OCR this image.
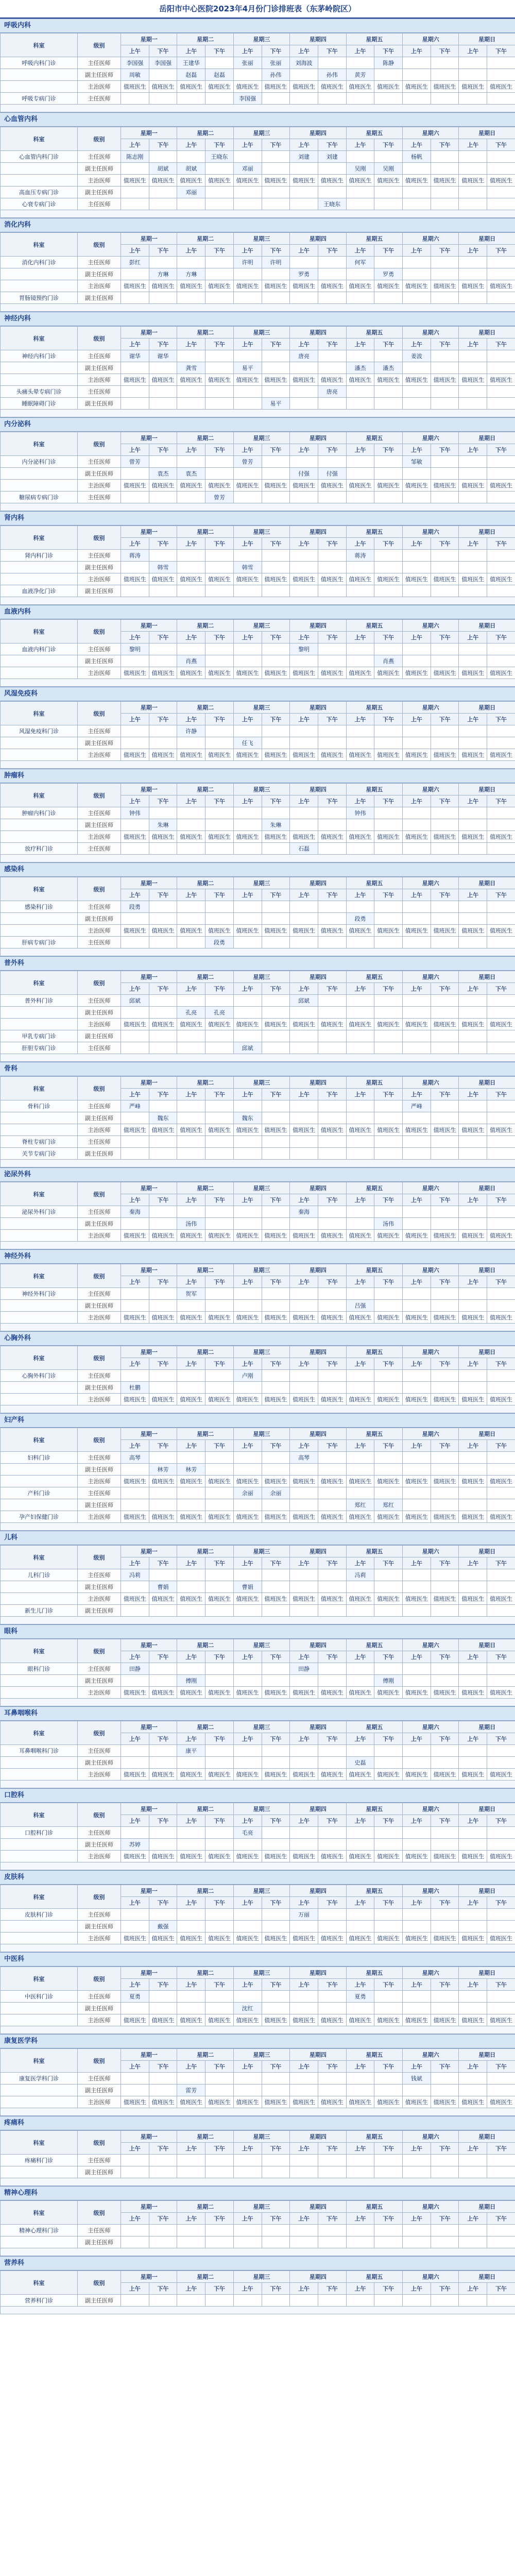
岳阳市中心医院2023年4月份门诊排班表（东茅岭院区）
呼吸内科
科室	级别	星期一		星期二		星期三		星期四		星期五		星期六		星期日	
		上午	下午	上午	下午	上午	下午	上午	下午	上午	下午	上午	下午	上午	下午
呼吸内科门诊	主任医师	李国强	李国强	王建华		张丽	张丽	刘海波			陈静				
	副主任医师	周敏		赵磊	赵磊		孙伟		孙伟	黄芳					
	主治医师	值班医生	值班医生	值班医生	值班医生	值班医生	值班医生	值班医生	值班医生	值班医生	值班医生	值班医生	值班医生	值班医生	值班医生
呼吸专病门诊	主任医师					李国强									

心血管内科
科室	级别	星期一		星期二		星期三		星期四		星期五		星期六		星期日	
		上午	下午	上午	下午	上午	下午	上午	下午	上午	下午	上午	下午	上午	下午
心血管内科门诊	主任医师	陈志刚			王晓东			刘建	刘建			杨帆			
	副主任医师		胡斌	胡斌		邓丽				吴刚	吴刚				
	主治医师	值班医生	值班医生	值班医生	值班医生	值班医生	值班医生	值班医生	值班医生	值班医生	值班医生	值班医生	值班医生	值班医生	值班医生
高血压专病门诊	副主任医师			邓丽											
心衰专病门诊	主任医师								王晓东						

消化内科
科室	级别	星期一		星期二		星期三		星期四		星期五		星期六		星期日	
		上午	下午	上午	下午	上午	下午	上午	下午	上午	下午	上午	下午	上午	下午
消化内科门诊	主任医师	彭红				许明	许明			何军					
	副主任医师		方琳	方琳				罗勇			罗勇				
	主治医师	值班医生	值班医生	值班医生	值班医生	值班医生	值班医生	值班医生	值班医生	值班医生	值班医生	值班医生	值班医生	值班医生	值班医生
胃肠镜预约门诊	副主任医师														

神经内科
科室	级别	星期一		星期二		星期三		星期四		星期五		星期六		星期日	
		上午	下午	上午	下午	上午	下午	上午	下午	上午	下午	上午	下午	上午	下午
神经内科门诊	主任医师	谢华	谢华					唐亮				姜波			
	副主任医师			龚雪		易平				潘杰	潘杰				
	主治医师	值班医生	值班医生	值班医生	值班医生	值班医生	值班医生	值班医生	值班医生	值班医生	值班医生	值班医生	值班医生	值班医生	值班医生
头痛头晕专病门诊	主任医师								唐亮						
睡眠障碍门诊	副主任医师						易平								

内分泌科
科室	级别	星期一		星期二		星期三		星期四		星期五		星期六		星期日	
		上午	下午	上午	下午	上午	下午	上午	下午	上午	下午	上午	下午	上午	下午
内分泌科门诊	主任医师	曾芳				曾芳						邹敏			
	副主任医师		袁杰	袁杰				付强	付强						
	主治医师	值班医生	值班医生	值班医生	值班医生	值班医生	值班医生	值班医生	值班医生	值班医生	值班医生	值班医生	值班医生	值班医生	值班医生
糖尿病专病门诊	主任医师				曾芳										

肾内科
科室	级别	星期一		星期二		星期三		星期四		星期五		星期六		星期日	
		上午	下午	上午	下午	上午	下午	上午	下午	上午	下午	上午	下午	上午	下午
肾内科门诊	主任医师	蒋涛								蒋涛					
	副主任医师		韩雪			韩雪									
	主治医师	值班医生	值班医生	值班医生	值班医生	值班医生	值班医生	值班医生	值班医生	值班医生	值班医生	值班医生	值班医生	值班医生	值班医生
血液净化门诊	副主任医师														

血液内科
科室	级别	星期一		星期二		星期三		星期四		星期五		星期六		星期日	
		上午	下午	上午	下午	上午	下午	上午	下午	上午	下午	上午	下午	上午	下午
血液内科门诊	主任医师	黎明						黎明							
	副主任医师			肖燕							肖燕				
	主治医师	值班医生	值班医生	值班医生	值班医生	值班医生	值班医生	值班医生	值班医生	值班医生	值班医生	值班医生	值班医生	值班医生	值班医生

风湿免疫科
科室	级别	星期一		星期二		星期三		星期四		星期五		星期六		星期日	
		上午	下午	上午	下午	上午	下午	上午	下午	上午	下午	上午	下午	上午	下午
风湿免疫科门诊	主任医师			许静											
	副主任医师					任飞									
	主治医师	值班医生	值班医生	值班医生	值班医生	值班医生	值班医生	值班医生	值班医生	值班医生	值班医生	值班医生	值班医生	值班医生	值班医生

肿瘤科
科室	级别	星期一		星期二		星期三		星期四		星期五		星期六		星期日	
		上午	下午	上午	下午	上午	下午	上午	下午	上午	下午	上午	下午	上午	下午
肿瘤内科门诊	主任医师	钟伟								钟伟					
	副主任医师		朱琳				朱琳								
	主治医师	值班医生	值班医生	值班医生	值班医生	值班医生	值班医生	值班医生	值班医生	值班医生	值班医生	值班医生	值班医生	值班医生	值班医生
放疗科门诊	主任医师							石磊							

感染科
科室	级别	星期一		星期二		星期三		星期四		星期五		星期六		星期日	
		上午	下午	上午	下午	上午	下午	上午	下午	上午	下午	上午	下午	上午	下午
感染科门诊	主任医师	段勇													
	副主任医师									段勇					
	主治医师	值班医生	值班医生	值班医生	值班医生	值班医生	值班医生	值班医生	值班医生	值班医生	值班医生	值班医生	值班医生	值班医生	值班医生
肝病专病门诊	主任医师				段勇										

普外科
科室	级别	星期一		星期二		星期三		星期四		星期五		星期六		星期日	
		上午	下午	上午	下午	上午	下午	上午	下午	上午	下午	上午	下午	上午	下午
普外科门诊	主任医师	邱斌						邱斌							
	副主任医师			孔亮	孔亮										
	主治医师	值班医生	值班医生	值班医生	值班医生	值班医生	值班医生	值班医生	值班医生	值班医生	值班医生	值班医生	值班医生	值班医生	值班医生
甲乳专病门诊	副主任医师														
肝胆专病门诊	主任医师					邱斌									

骨科
科室	级别	星期一		星期二		星期三		星期四		星期五		星期六		星期日	
		上午	下午	上午	下午	上午	下午	上午	下午	上午	下午	上午	下午	上午	下午
骨科门诊	主任医师	严峰										严峰			
	副主任医师		魏东			魏东									
	主治医师	值班医生	值班医生	值班医生	值班医生	值班医生	值班医生	值班医生	值班医生	值班医生	值班医生	值班医生	值班医生	值班医生	值班医生
脊柱专病门诊	主任医师														
关节专病门诊	副主任医师														

泌尿外科
科室	级别	星期一		星期二		星期三		星期四		星期五		星期六		星期日	
		上午	下午	上午	下午	上午	下午	上午	下午	上午	下午	上午	下午	上午	下午
泌尿外科门诊	主任医师	秦海						秦海							
	副主任医师			汤伟							汤伟				
	主治医师	值班医生	值班医生	值班医生	值班医生	值班医生	值班医生	值班医生	值班医生	值班医生	值班医生	值班医生	值班医生	值班医生	值班医生

神经外科
科室	级别	星期一		星期二		星期三		星期四		星期五		星期六		星期日	
		上午	下午	上午	下午	上午	下午	上午	下午	上午	下午	上午	下午	上午	下午
神经外科门诊	主任医师			贺军											
	副主任医师									吕强					
	主治医师	值班医生	值班医生	值班医生	值班医生	值班医生	值班医生	值班医生	值班医生	值班医生	值班医生	值班医生	值班医生	值班医生	值班医生

心胸外科
科室	级别	星期一		星期二		星期三		星期四		星期五		星期六		星期日	
		上午	下午	上午	下午	上午	下午	上午	下午	上午	下午	上午	下午	上午	下午
心胸外科门诊	主任医师					卢刚									
	副主任医师	杜鹏													
	主治医师	值班医生	值班医生	值班医生	值班医生	值班医生	值班医生	值班医生	值班医生	值班医生	值班医生	值班医生	值班医生	值班医生	值班医生

妇产科
科室	级别	星期一		星期二		星期三		星期四		星期五		星期六		星期日	
		上午	下午	上午	下午	上午	下午	上午	下午	上午	下午	上午	下午	上午	下午
妇科门诊	主任医师	高琴						高琴							
	副主任医师		林芳	林芳											
	主治医师	值班医生	值班医生	值班医生	值班医生	值班医生	值班医生	值班医生	值班医生	值班医生	值班医生	值班医生	值班医生	值班医生	值班医生
产科门诊	主任医师					余丽	余丽								
	副主任医师									郑红	郑红				
孕产妇保健门诊	主治医师	值班医生	值班医生	值班医生	值班医生	值班医生	值班医生	值班医生	值班医生	值班医生	值班医生	值班医生	值班医生	值班医生	值班医生

儿科
科室	级别	星期一		星期二		星期三		星期四		星期五		星期六		星期日	
		上午	下午	上午	下午	上午	下午	上午	下午	上午	下午	上午	下午	上午	下午
儿科门诊	主任医师	冯莉								冯莉					
	副主任医师		曹娟			曹娟									
	主治医师	值班医生	值班医生	值班医生	值班医生	值班医生	值班医生	值班医生	值班医生	值班医生	值班医生	值班医生	值班医生	值班医生	值班医生
新生儿门诊	副主任医师														

眼科
科室	级别	星期一		星期二		星期三		星期四		星期五		星期六		星期日	
		上午	下午	上午	下午	上午	下午	上午	下午	上午	下午	上午	下午	上午	下午
眼科门诊	主任医师	田静						田静							
	副主任医师			傅刚							傅刚				
	主治医师	值班医生	值班医生	值班医生	值班医生	值班医生	值班医生	值班医生	值班医生	值班医生	值班医生	值班医生	值班医生	值班医生	值班医生

耳鼻咽喉科
科室	级别	星期一		星期二		星期三		星期四		星期五		星期六		星期日	
		上午	下午	上午	下午	上午	下午	上午	下午	上午	下午	上午	下午	上午	下午
耳鼻咽喉科门诊	主任医师			康平											
	副主任医师									史磊					
	主治医师	值班医生	值班医生	值班医生	值班医生	值班医生	值班医生	值班医生	值班医生	值班医生	值班医生	值班医生	值班医生	值班医生	值班医生

口腔科
科室	级别	星期一		星期二		星期三		星期四		星期五		星期六		星期日	
		上午	下午	上午	下午	上午	下午	上午	下午	上午	下午	上午	下午	上午	下午
口腔科门诊	主任医师					毛亮									
	副主任医师	苏婷													
	主治医师	值班医生	值班医生	值班医生	值班医生	值班医生	值班医生	值班医生	值班医生	值班医生	值班医生	值班医生	值班医生	值班医生	值班医生

皮肤科
科室	级别	星期一		星期二		星期三		星期四		星期五		星期六		星期日	
		上午	下午	上午	下午	上午	下午	上午	下午	上午	下午	上午	下午	上午	下午
皮肤科门诊	主任医师							万丽							
	副主任医师		戴强												
	主治医师	值班医生	值班医生	值班医生	值班医生	值班医生	值班医生	值班医生	值班医生	值班医生	值班医生	值班医生	值班医生	值班医生	值班医生

中医科
科室	级别	星期一		星期二		星期三		星期四		星期五		星期六		星期日	
		上午	下午	上午	下午	上午	下午	上午	下午	上午	下午	上午	下午	上午	下午
中医科门诊	主任医师	夏勇								夏勇					
	副主任医师					沈红									
	主治医师	值班医生	值班医生	值班医生	值班医生	值班医生	值班医生	值班医生	值班医生	值班医生	值班医生	值班医生	值班医生	值班医生	值班医生

康复医学科
科室	级别	星期一		星期二		星期三		星期四		星期五		星期六		星期日	
		上午	下午	上午	下午	上午	下午	上午	下午	上午	下午	上午	下午	上午	下午
康复医学科门诊	主任医师											钱斌			
	副主任医师			雷芳											
	主治医师	值班医生	值班医生	值班医生	值班医生	值班医生	值班医生	值班医生	值班医生	值班医生	值班医生	值班医生	值班医生	值班医生	值班医生

疼痛科
科室	级别	星期一		星期二		星期三		星期四		星期五		星期六		星期日	
		上午	下午	上午	下午	上午	下午	上午	下午	上午	下午	上午	下午	上午	下午
疼痛科门诊	主任医师														
	副主任医师														

精神心理科
科室	级别	星期一		星期二		星期三		星期四		星期五		星期六		星期日	
		上午	下午	上午	下午	上午	下午	上午	下午	上午	下午	上午	下午	上午	下午
精神心理科门诊	主任医师														
	副主任医师														

营养科
科室	级别	星期一		星期二		星期三		星期四		星期五		星期六		星期日	
		上午	下午	上午	下午	上午	下午	上午	下午	上午	下午	上午	下午	上午	下午
营养科门诊	副主任医师														
